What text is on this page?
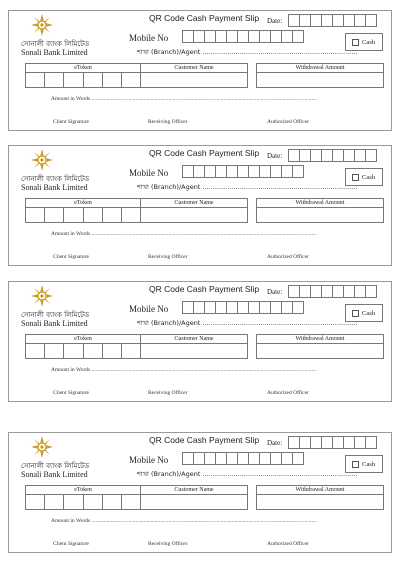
সোনালী ব্যাংক লিমিটেড
Sonali Bank Limited
QR Code Cash Payment Slip Date:
Mobile No
শাখা (Branch)/Agent ...........................................................................
Cash
eToken	Customer Name	Withdrawal Amount
Amount in Words ....................................................................................................................................................................
Client Signature	Receiving Officer	Authorized Officer
সোনালী ব্যাংক লিমিটেড
Sonali Bank Limited
QR Code Cash Payment Slip Date:
Mobile No
শাখা (Branch)/Agent ...........................................................................
Cash
eToken	Customer Name	Withdrawal Amount
Amount in Words ....................................................................................................................................................................
Client Signature	Receiving Officer	Authorized Officer
সোনালী ব্যাংক লিমিটেড
Sonali Bank Limited
QR Code Cash Payment Slip Date:
Mobile No
শাখা (Branch)/Agent ...........................................................................
Cash
eToken	Customer Name	Withdrawal Amount
Amount in Words ....................................................................................................................................................................
Client Signature	Receiving Officer	Authorized Officer
সোনালী ব্যাংক লিমিটেড
Sonali Bank Limited
QR Code Cash Payment Slip Date:
Mobile No
শাখা (Branch)/Agent ...........................................................................
Cash
eToken	Customer Name	Withdrawal Amount
Amount in Words ....................................................................................................................................................................
Client Signature	Receiving Officer	Authorized Officer
